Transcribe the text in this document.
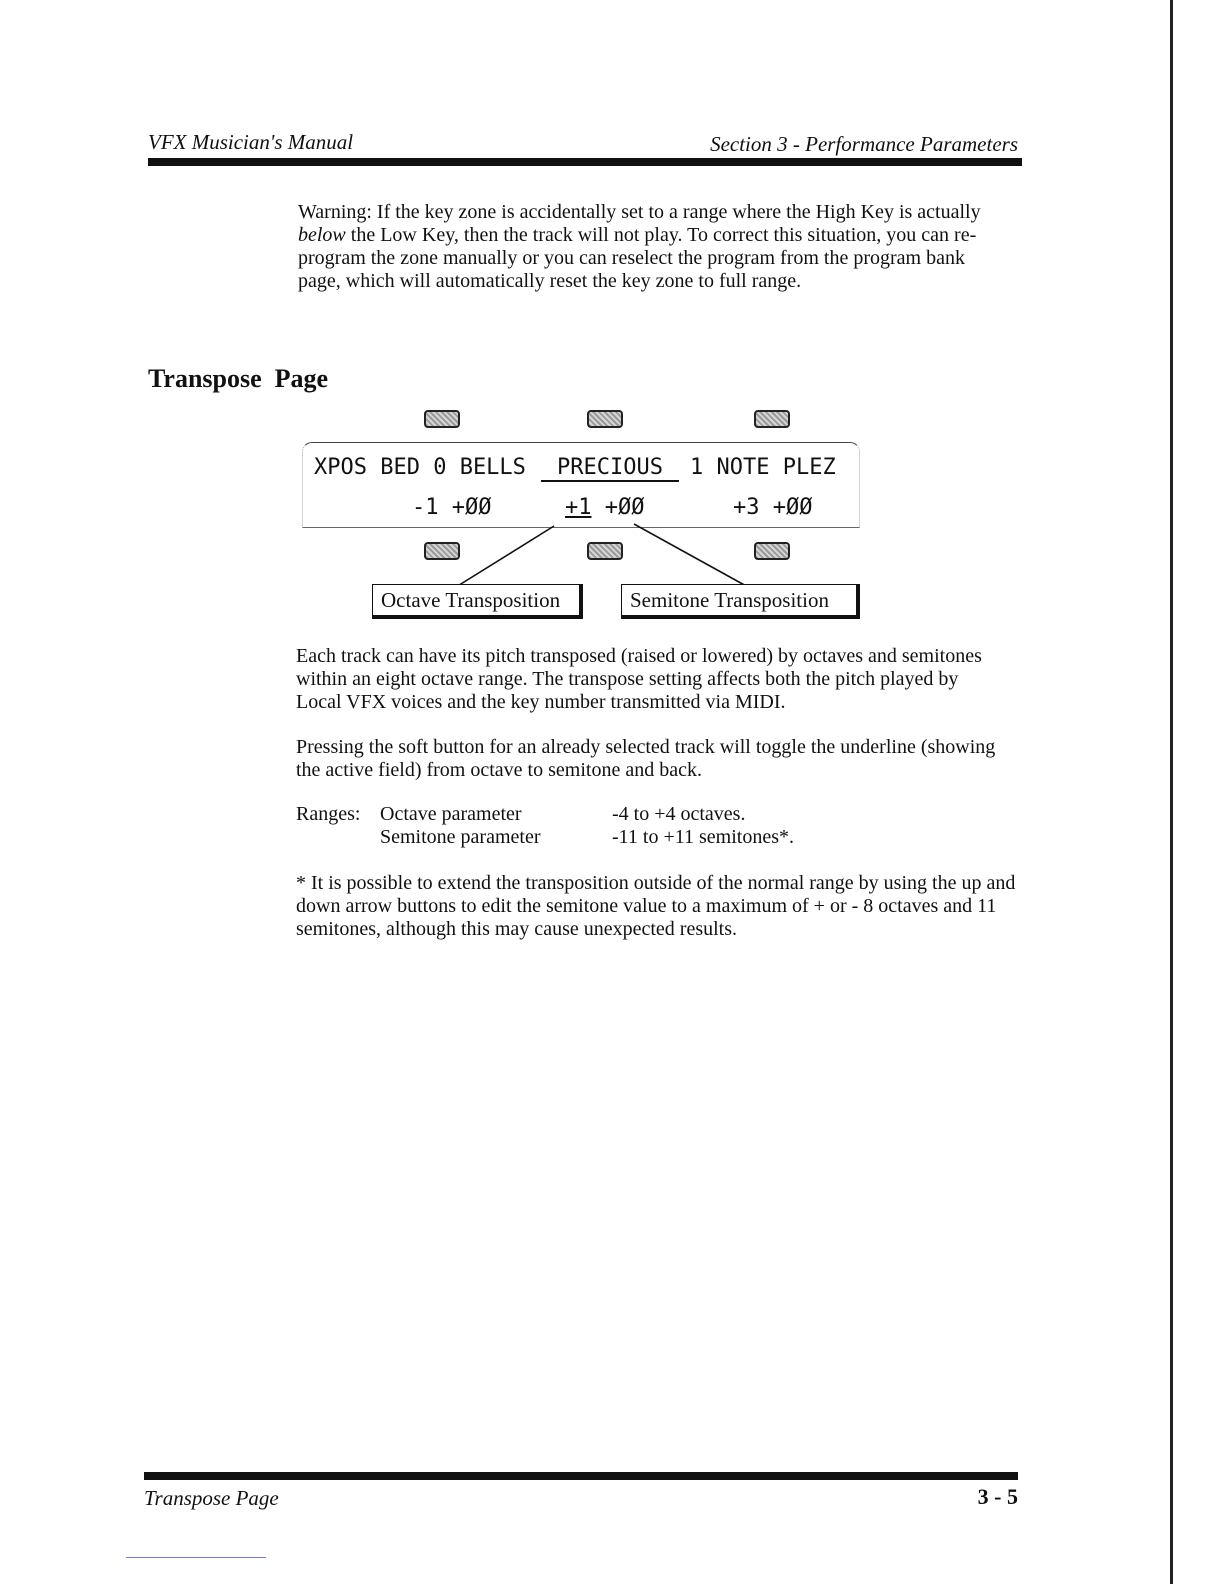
VFX Musician's Manual	Section 3 - Performance Parameters

Warning: If the key zone is accidentally set to a range where the High Key is actually below the Low Key, then the track will not play. To correct this situation, you can re-program the zone manually or you can reselect the program from the program bank page, which will automatically reset the key zone to full range.

Transpose  Page
XPOS BED 0 BELLS	PRECIOUS	1 NOTE PLEZ
-1 +ØØ	+1 +ØØ	+3 +ØØ
Octave Transposition	Semitone Transposition
Each track can have its pitch transposed (raised or lowered) by octaves and semitones within an eight octave range. The transpose setting affects both the pitch played by Local VFX voices and the key number transmitted via MIDI.
Pressing the soft button for an already selected track will toggle the underline (showing the active field) from octave to semitone and back.
Ranges: Octave parameter	-4 to +4 octaves.
Semitone parameter	-11 to +11 semitones*.
* It is possible to extend the transposition outside of the normal range by using the up and down arrow buttons to edit the semitone value to a maximum of + or - 8 octaves and 11 semitones, although this may cause unexpected results.
Transpose Page	3 - 5
